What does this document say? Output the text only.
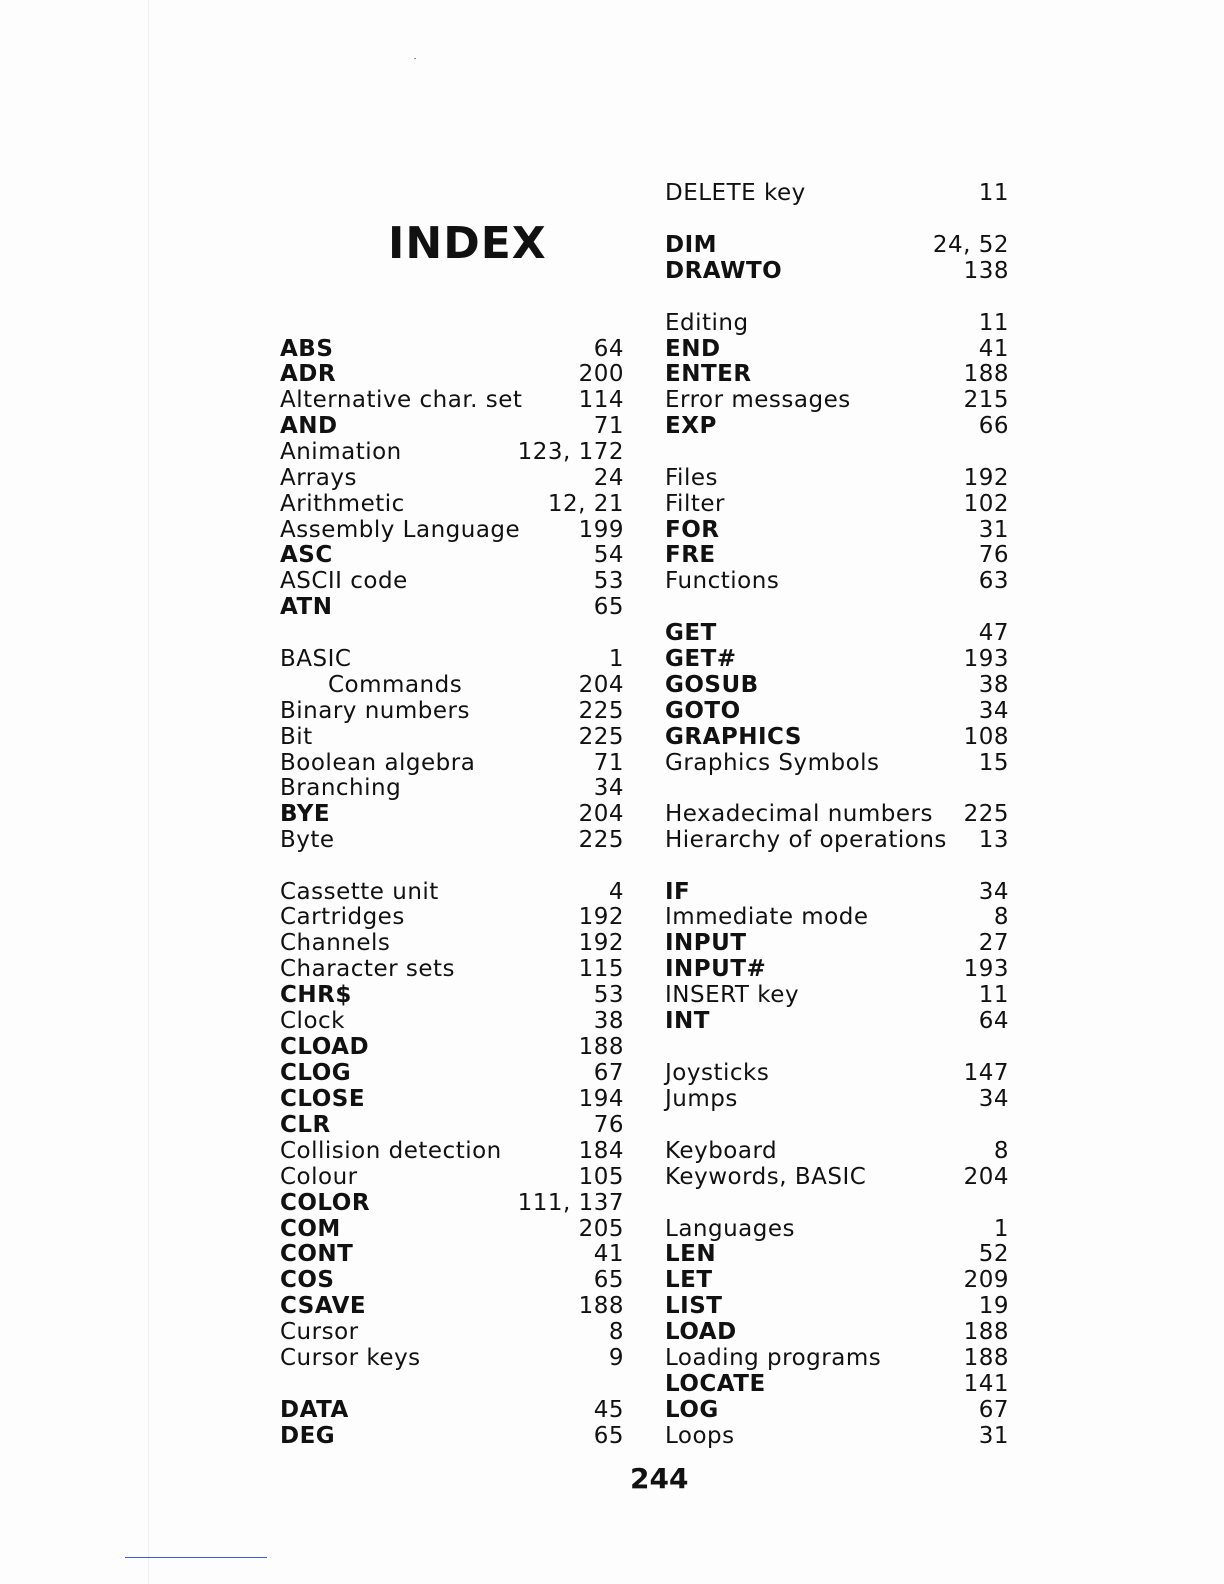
INDEX
ABS	64
ADR	200
Alternative char. set 114
AND	71
Animation	123, 172
Arrays	24
Arithmetic	12, 21
Assembly Language	199
ASC	54
ASCII code	53
ATN	65
BASIC	1
Commands	204
Binary numbers	225
Bit	225
Boolean algebra	71
Branching	34
BYE	204
Byte	225
Cassette unit	4
Cartridges	192
Channels	192
Character sets	115
CHR$	53
Clock	38
CLOAD	188
CLOG	67
CLOSE	194
CLR	76
Collision detection	184
Colour	105
COLOR	111, 137
COM	205
CONT	41
COS	65
CSAVE	188
Cursor	8
Cursor keys	9
DATA	45
DEG	65
DELETE key	11
DIM	24, 52
DRAWTO	138
Editing	11
END	41
ENTER	188
Error messages	215
EXP	66
Files	192
Filter	102
FOR	31
FRE	76
Functions	63
GET	47
GET#	193
GOSUB	38
GOTO	34
GRAPHICS	108
Graphics Symbols	15
Hexadecimal numbers 225
Hierarchy of operations 13
IF	34
Immediate mode	8
INPUT	27
INPUT#	193
INSERT key	11
INT	64
Joysticks	147
Jumps	34
Keyboard	8
Keywords, BASIC	204
Languages	1
LEN	52
LET	209
LIST	19
LOAD	188
Loading programs	188
LOCATE	141
LOG	67
Loops	31
244
